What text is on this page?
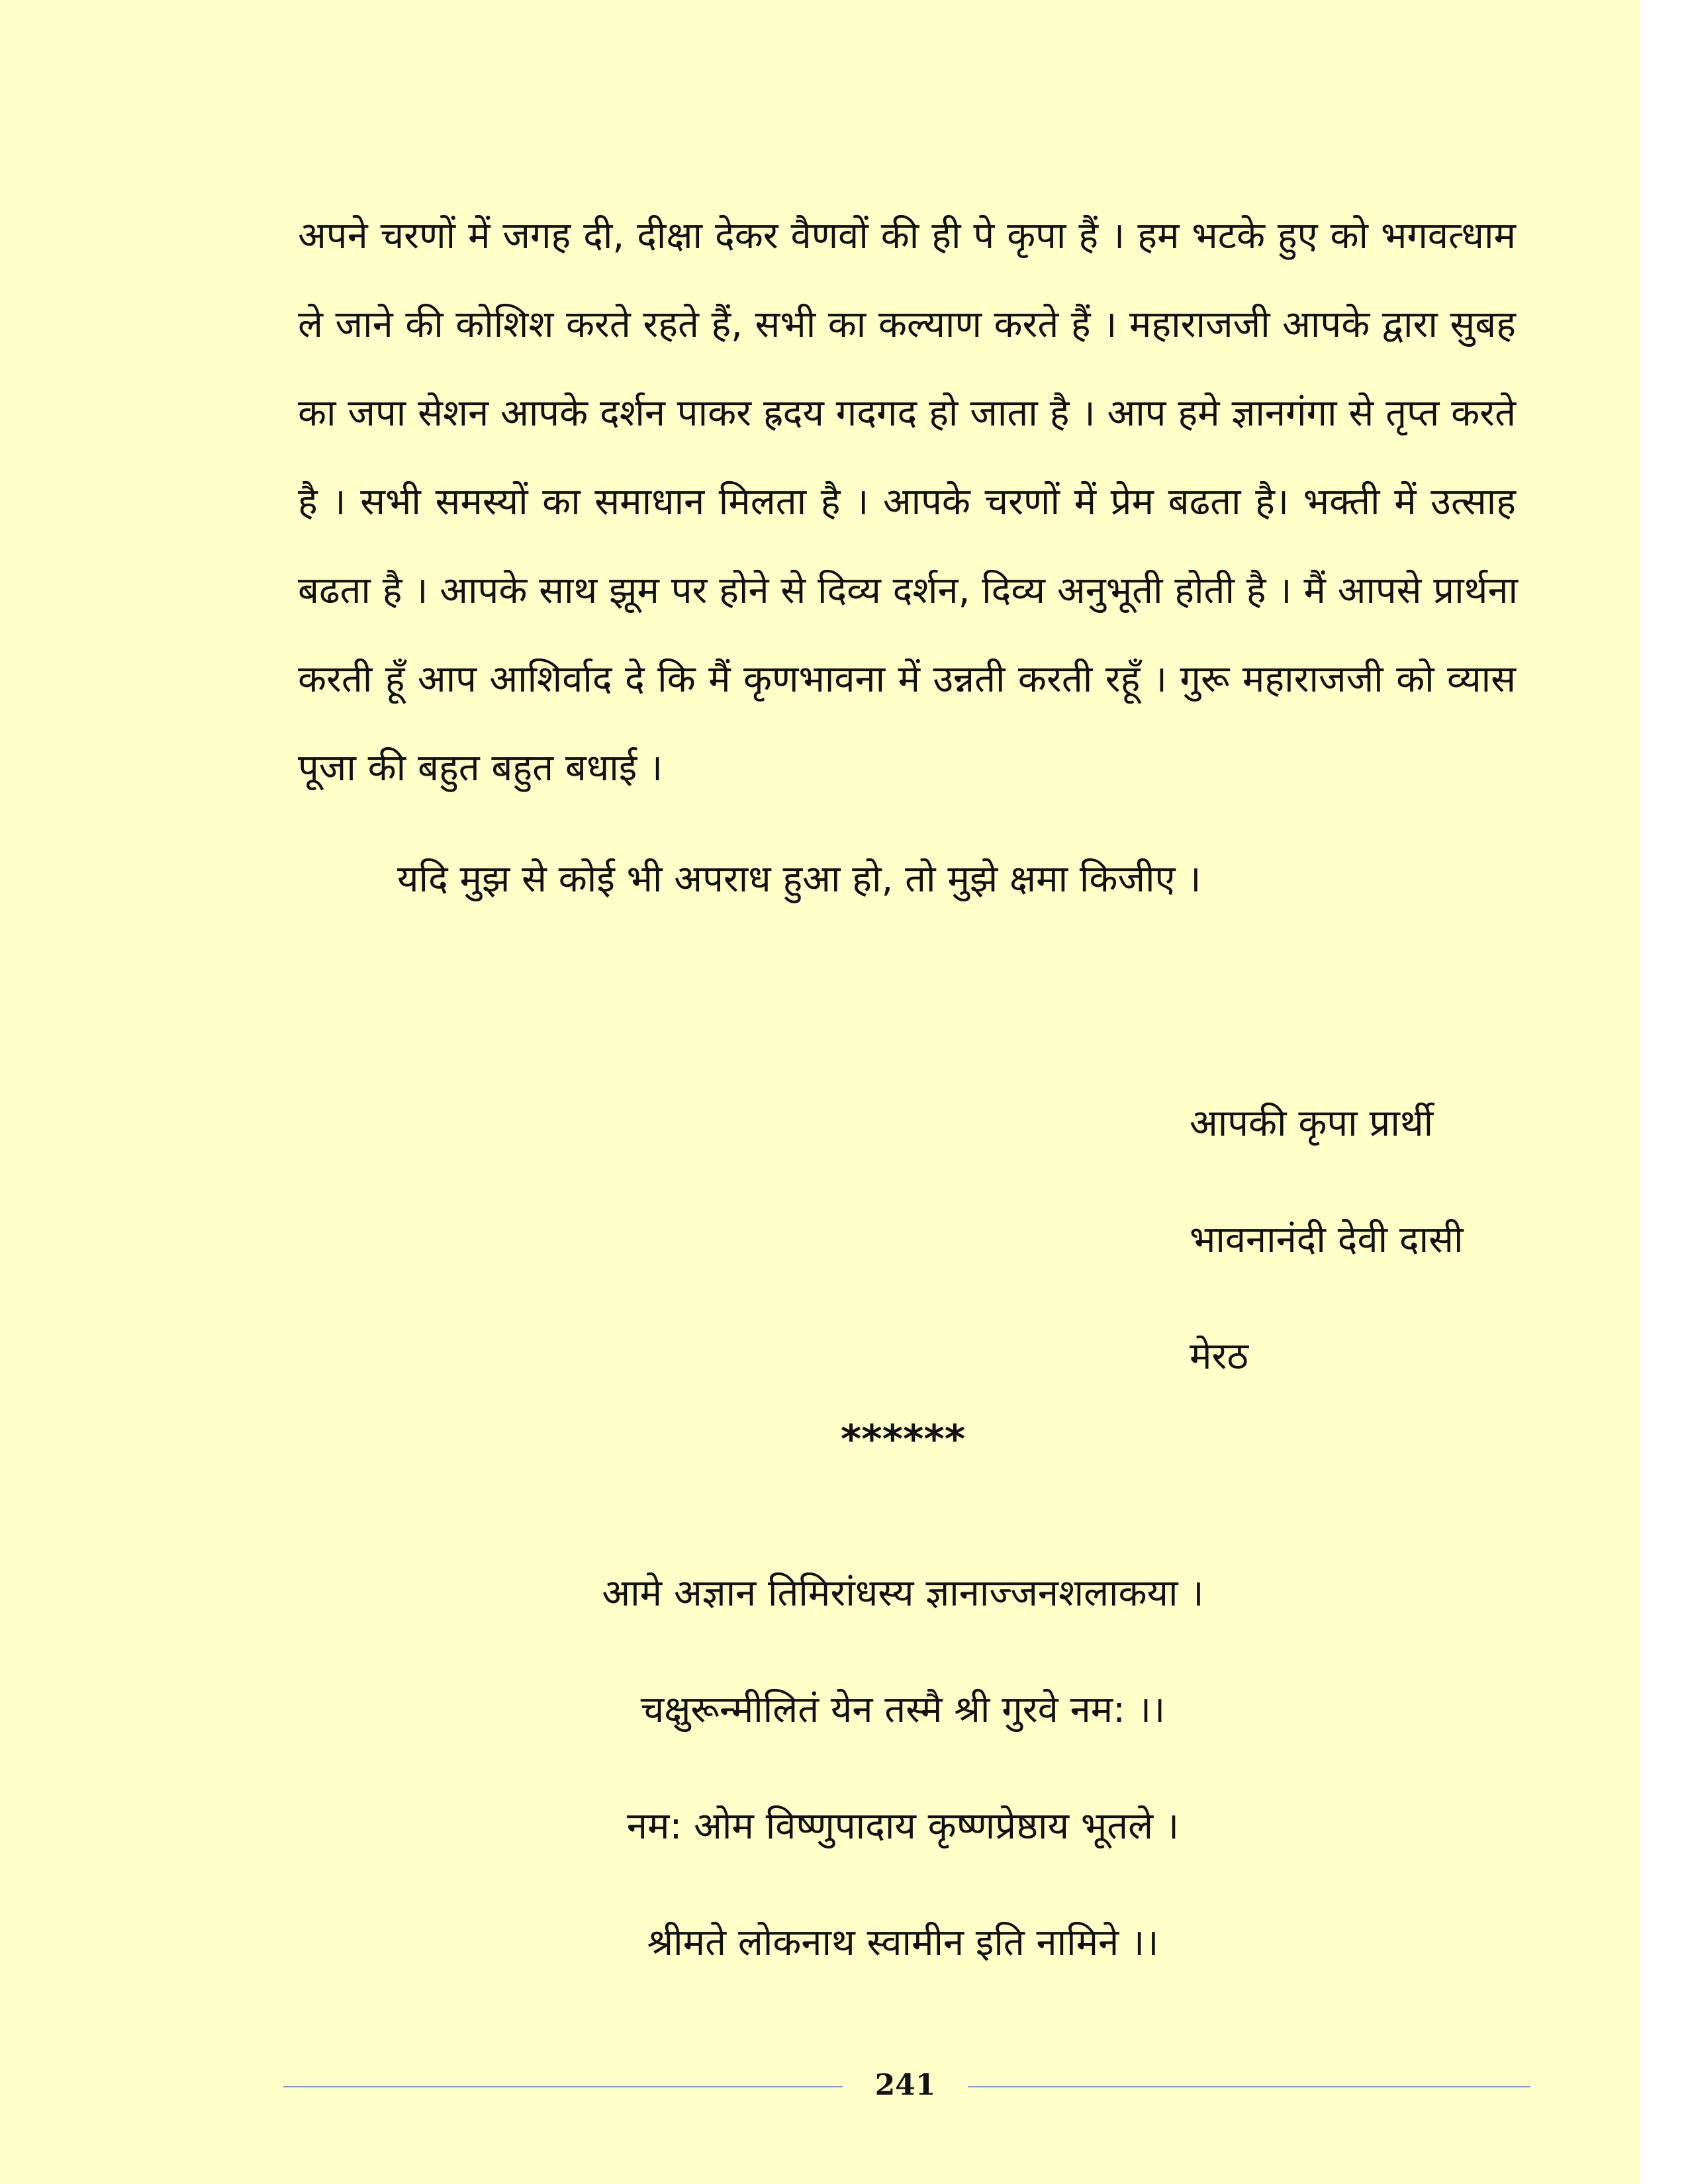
अपने चरणों में जगह दी, दीक्षा देकर वैणवों की ही पे कृपा हैं । हम भटके हुए को भगवत्धाम
ले जाने की कोशिश करते रहते हैं, सभी का कल्याण करते हैं । महाराजजी आपके द्वारा सुबह
का जपा सेशन आपके दर्शन पाकर ह्रदय गदगद हो जाता है । आप हमे ज्ञानगंगा से तृप्त करते
है । सभी समस्यों का समाधान मिलता है । आपके चरणों में प्रेम बढता है। भक्ती में उत्साह
बढता है । आपके साथ झूम पर होने से दिव्य दर्शन, दिव्य अनुभूती होती है । मैं आपसे प्रार्थना
करती हूँ आप आशिर्वाद दे कि मैं कृणभावना में उन्नती करती रहूँ । गुरू महाराजजी को व्यास
पूजा की बहुत बहुत बधाई ।
यदि मुझ से कोई भी अपराध हुआ हो, तो मुझे क्षमा किजीए ।
आपकी कृपा प्रार्थी
भावनानंदी देवी दासी
मेरठ
******
आमे अज्ञान तिमिरांधस्य ज्ञानाज्जनशलाकया ।
चक्षुरून्मीलितं येन तस्मै श्री गुरवे नम: ।।
नम: ओम विष्णुपादाय कृष्णप्रेष्ठाय भूतले ।
श्रीमते लोकनाथ स्वामीन इति नामिने ।।
241
